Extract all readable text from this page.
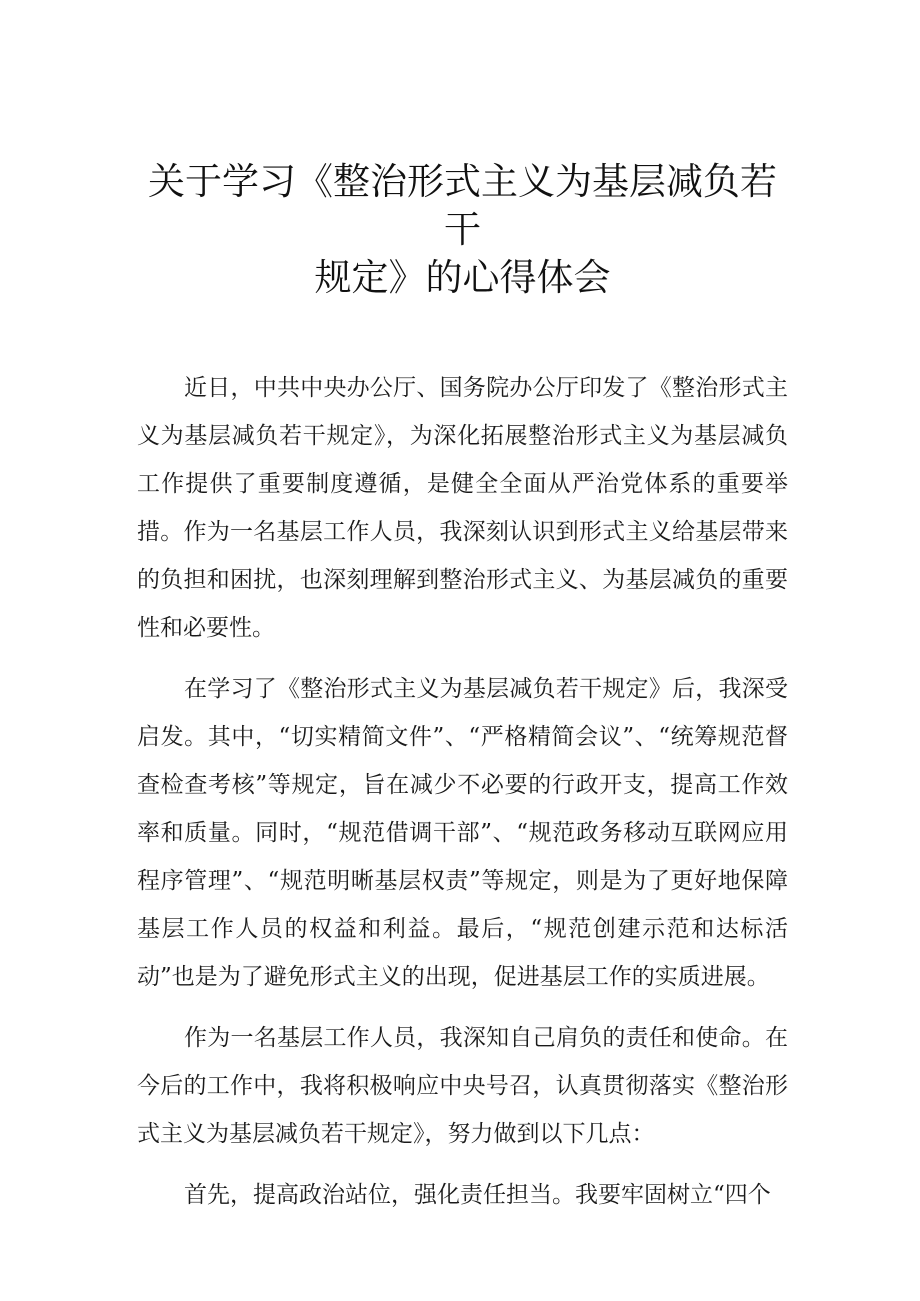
关于学习《整治形式主义为基层减负若干
规定》的心得体会

近日，中共中央办公厅、国务院办公厅印发了《整治形式主义为基层减负若干规定》，为深化拓展整治形式主义为基层减负工作提供了重要制度遵循，是健全全面从严治党体系的重要举措。作为一名基层工作人员，我深刻认识到形式主义给基层带来的负担和困扰，也深刻理解到整治形式主义、为基层减负的重要性和必要性。

在学习了《整治形式主义为基层减负若干规定》后，我深受启发。其中，“切实精简文件”、“严格精简会议”、“统筹规范督查检查考核”等规定，旨在减少不必要的行政开支，提高工作效率和质量。同时，“规范借调干部”、“规范政务移动互联网应用程序管理”、“规范明晰基层权责”等规定，则是为了更好地保障基层工作人员的权益和利益。最后，“规范创建示范和达标活动”也是为了避免形式主义的出现，促进基层工作的实质进展。

作为一名基层工作人员，我深知自己肩负的责任和使命。在今后的工作中，我将积极响应中央号召，认真贯彻落实《整治形式主义为基层减负若干规定》，努力做到以下几点：

首先，提高政治站位，强化责任担当。我要牢固树立“四个
